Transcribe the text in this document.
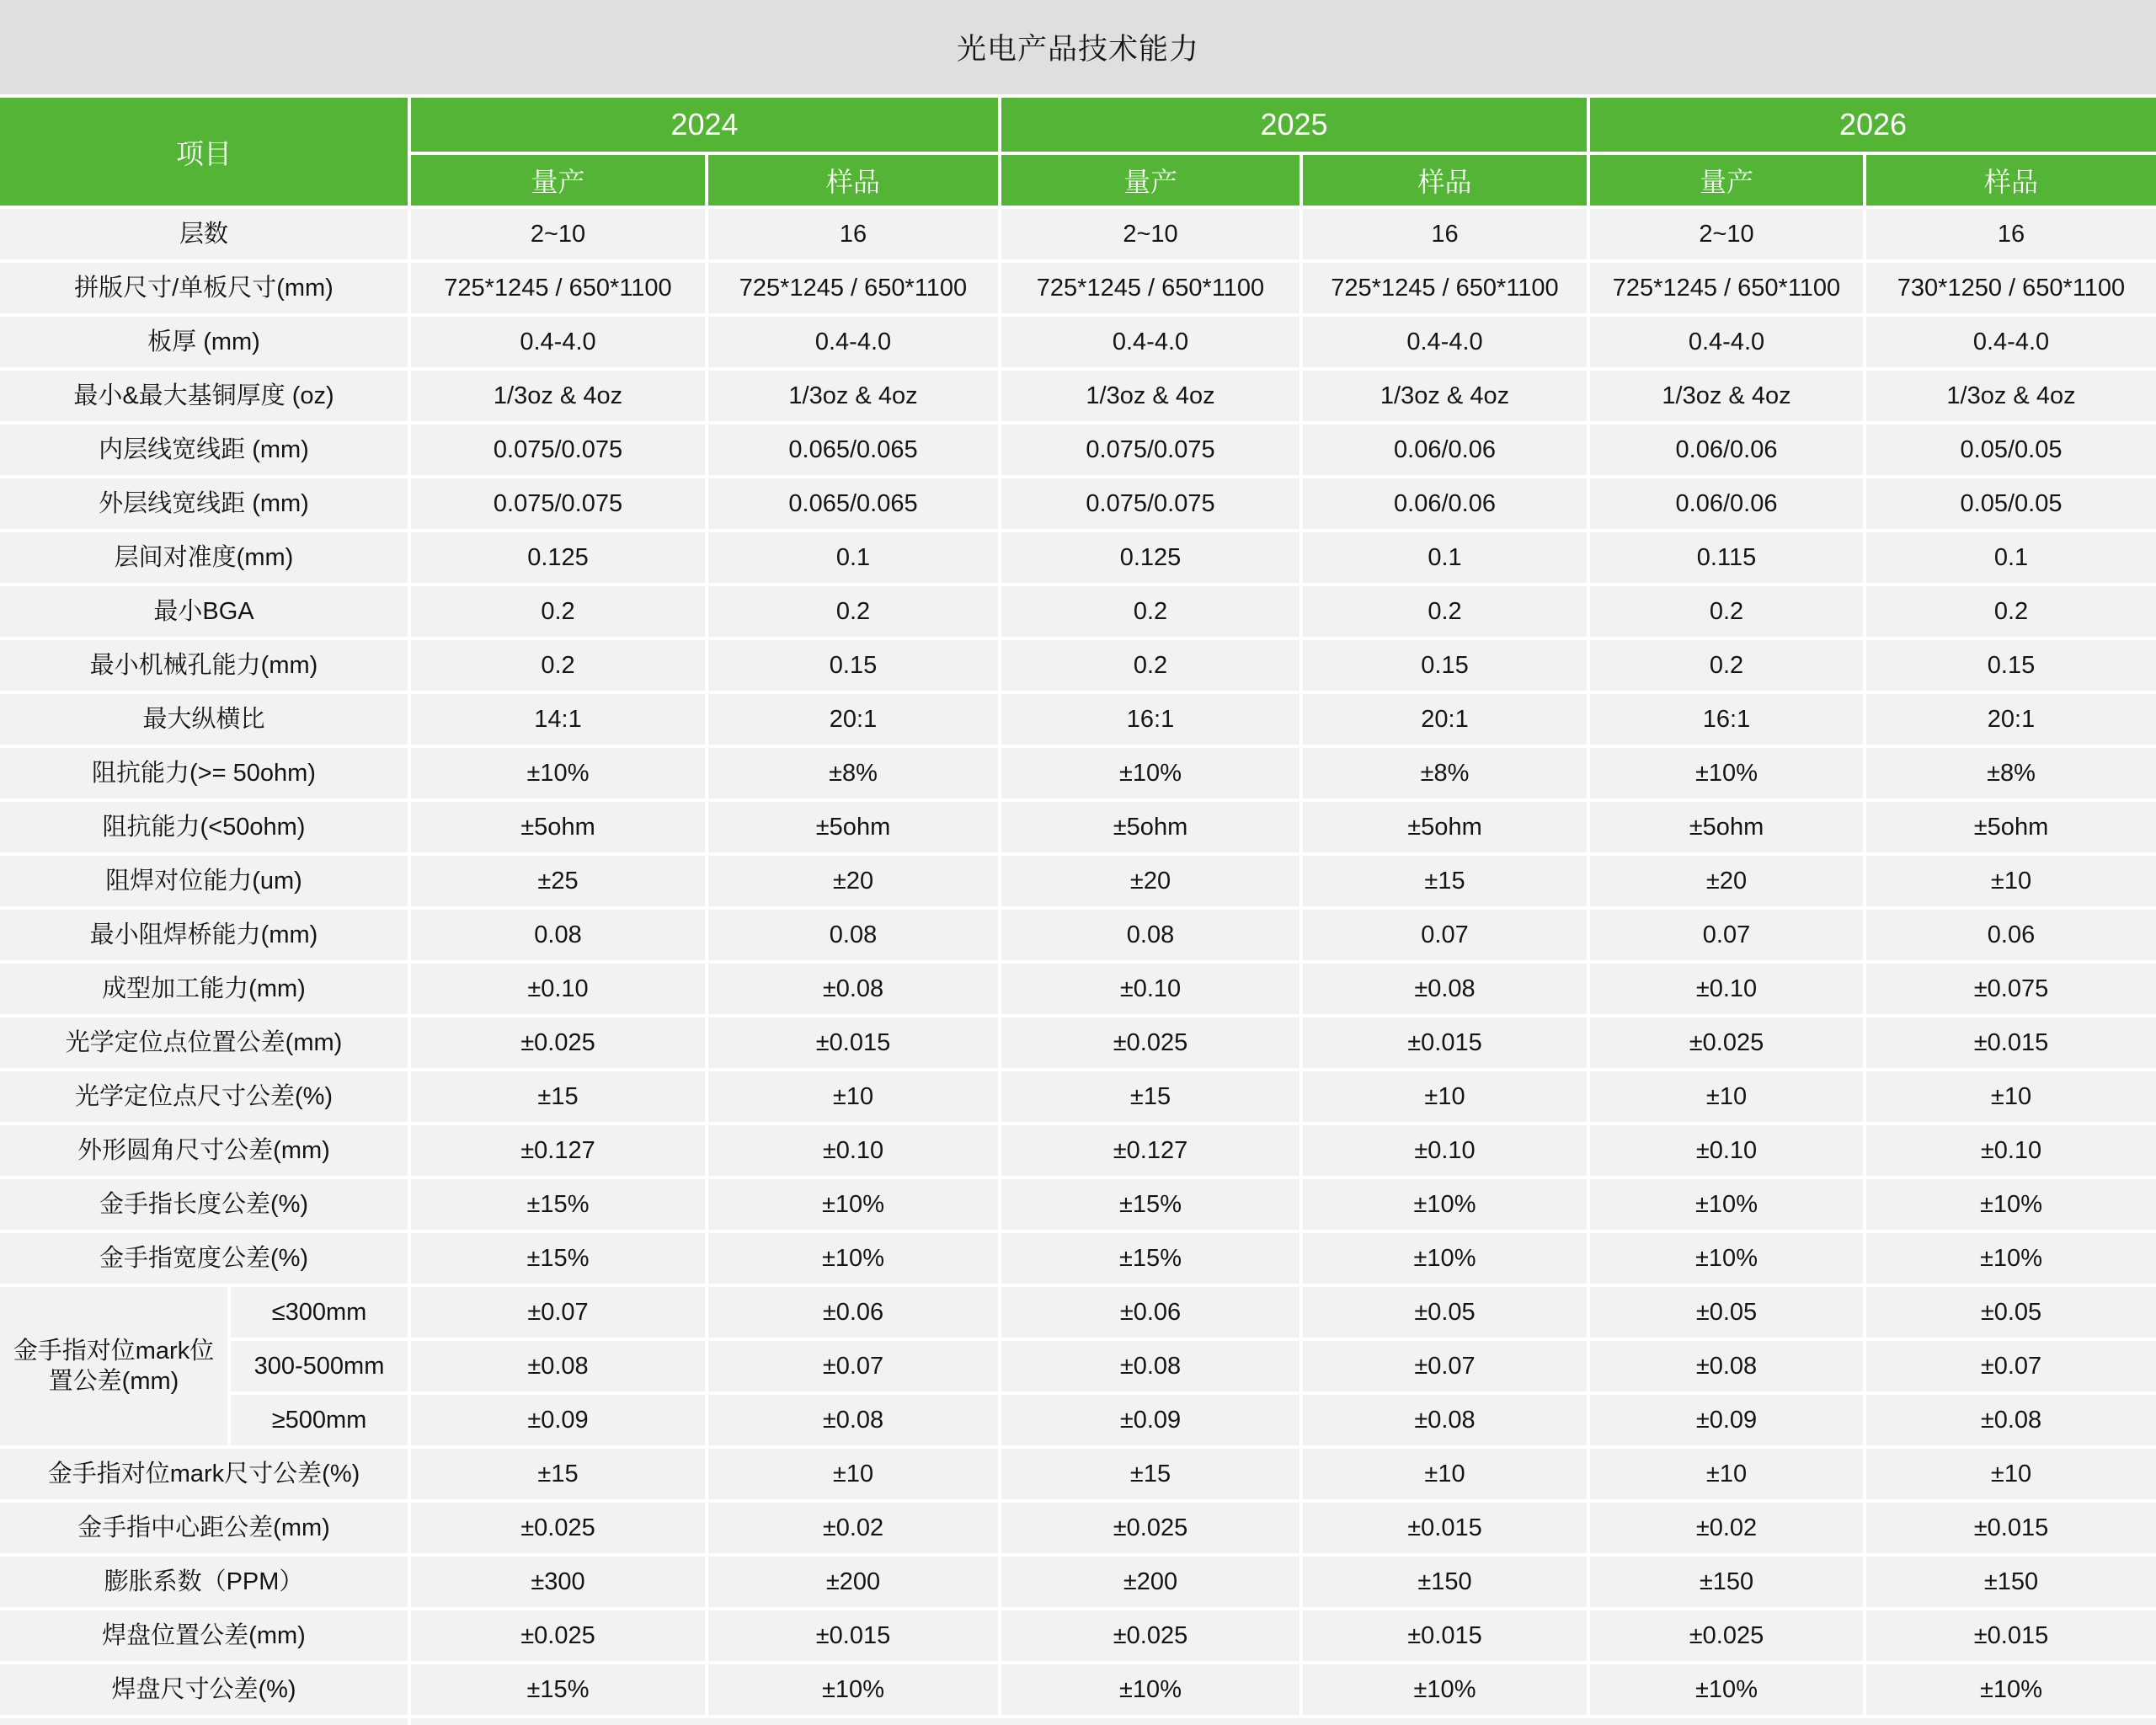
光电产品技术能力
项目
2024	2025	2026
量产	样品	量产	样品	量产	样品
层数	2~10	16	2~10	16	2~10	16
拼版尺寸/单板尺寸(mm)	725*1245 / 650*1100	725*1245 / 650*1100	725*1245 / 650*1100	725*1245 / 650*1100	725*1245 / 650*1100	730*1250 / 650*1100
板厚 (mm)	0.4-4.0	0.4-4.0	0.4-4.0	0.4-4.0	0.4-4.0	0.4-4.0
最小&最大基铜厚度 (oz)	1/3oz & 4oz	1/3oz & 4oz	1/3oz & 4oz	1/3oz & 4oz	1/3oz & 4oz	1/3oz & 4oz
内层线宽线距 (mm)	0.075/0.075	0.065/0.065	0.075/0.075	0.06/0.06	0.06/0.06	0.05/0.05
外层线宽线距 (mm)	0.075/0.075	0.065/0.065	0.075/0.075	0.06/0.06	0.06/0.06	0.05/0.05
层间对准度(mm)	0.125	0.1	0.125	0.1	0.115	0.1
最小BGA	0.2	0.2	0.2	0.2	0.2	0.2
最小机械孔能力(mm)	0.2	0.15	0.2	0.15	0.2	0.15
最大纵横比	14:1	20:1	16:1	20:1	16:1	20:1
阻抗能力(>= 50ohm)	±10%	±8%	±10%	±8%	±10%	±8%
阻抗能力(<50ohm)	±5ohm	±5ohm	±5ohm	±5ohm	±5ohm	±5ohm
阻焊对位能力(um)	±25	±20	±20	±15	±20	±10
最小阻焊桥能力(mm)	0.08	0.08	0.08	0.07	0.07	0.06
成型加工能力(mm)	±0.10	±0.08	±0.10	±0.08	±0.10	±0.075
光学定位点位置公差(mm)	±0.025	±0.015	±0.025	±0.015	±0.025	±0.015
光学定位点尺寸公差(%)	±15	±10	±15	±10	±10	±10
外形圆角尺寸公差(mm)	±0.127	±0.10	±0.127	±0.10	±0.10	±0.10
金手指长度公差(%)	±15%	±10%	±15%	±10%	±10%	±10%
金手指宽度公差(%)	±15%	±10%	±15%	±10%	±10%	±10%
金手指对位mark位置公差(mm)
≤300mm	±0.07	±0.06	±0.06	±0.05	±0.05	±0.05
300-500mm	±0.08	±0.07	±0.08	±0.07	±0.08	±0.07
≥500mm	±0.09	±0.08	±0.09	±0.08	±0.09	±0.08
金手指对位mark尺寸公差(%)	±15	±10	±15	±10	±10	±10
金手指中心距公差(mm)	±0.025	±0.02	±0.025	±0.015	±0.02	±0.015
膨胀系数（PPM）	±300	±200	±200	±150	±150	±150
焊盘位置公差(mm)	±0.025	±0.015	±0.025	±0.015	±0.025	±0.015
焊盘尺寸公差(%)	±15%	±10%	±10%	±10%	±10%	±10%
